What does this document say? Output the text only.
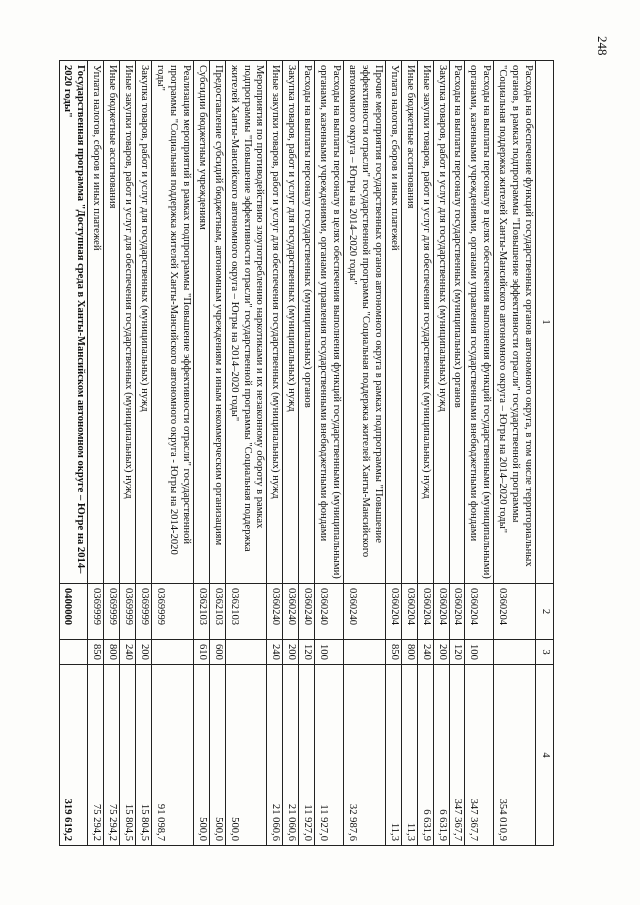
248
1	2	3	4
Расходы на обеспечение функций государственных органов автономного округа, в том числе территориальных органов, в рамках подпрограммы "Повышение эффективности отрасли" государственной программы "Социальная поддержка жителей Ханты-Мансийского автономного округа – Югры на 2014–2020 годы"	0360204		354 010,9
Расходы на выплаты персоналу в целях обеспечения выполнения функций государственными (муниципальными) органами, казенными учреждениями, органами управления государственными внебюджетными фондами	0360204	100	347 367,7
Расходы на выплаты персоналу государственных (муниципальных) органов	0360204	120	347 367,7
Закупка товаров, работ и услуг для государственных (муниципальных) нужд	0360204	200	6 631,9
Иные закупки товаров, работ и услуг для обеспечения государственных (муниципальных) нужд	0360204	240	6 631,9
Иные бюджетные ассигнования	0360204	800	11,3
Уплата налогов, сборов и иных платежей	0360204	850	11,3
Прочие мероприятия государственных органов автономного округа в рамках подпрограммы "Повышение эффективности отрасли" государственной программы "Социальная поддержка жителей Ханты-Мансийского автономного округа – Югры на 2014–2020 годы"	0360240		32 987,6
Расходы на выплаты персоналу в целях обеспечения выполнения функций государственными (муниципальными) органами, казенными учреждениями, органами управления государственными внебюджетными фондами	0360240	100	11 927,0
Расходы на выплаты персоналу государственных (муниципальных) органов	0360240	120	11 927,0
Закупка товаров, работ и услуг для государственных (муниципальных) нужд	0360240	200	21 060,6
Иные закупки товаров, работ и услуг для обеспечения государственных (муниципальных) нужд	0360240	240	21 060,6
Мероприятия по противодействию злоупотреблению наркотиками и их незаконному обороту в рамках подпрограммы "Повышение эффективности отрасли" государственной программы "Социальная поддержка жителей Ханты-Мансийского автономного округа – Югры на 2014–2020 годы"	0362103		500,0
Предоставление субсидий бюджетным, автономным учреждениям и иным некоммерческим организациям	0362103	600	500,0
Субсидии бюджетным учреждениям	0362103	610	500,0
Реализация мероприятий в рамках подпрограммы "Повышение эффективности отрасли" государственной программы "Социальная поддержка жителей Ханты-Мансийского автономного округа - Югры на 2014-2020 годы"	0369999		91 098,7
Закупка товаров, работ и услуг для государственных (муниципальных) нужд	0369999	200	15 804,5
Иные закупки товаров, работ и услуг для обеспечения государственных (муниципальных) нужд	0369999	240	15 804,5
Иные бюджетные ассигнования	0369999	800	75 294,2
Уплата налогов, сборов и иных платежей	0369999	850	75 294,2
Государственная программа "Доступная среда в Ханты-Мансийском автономном округе – Югре на 2014–2020 годы"	0400000		319 619,2
